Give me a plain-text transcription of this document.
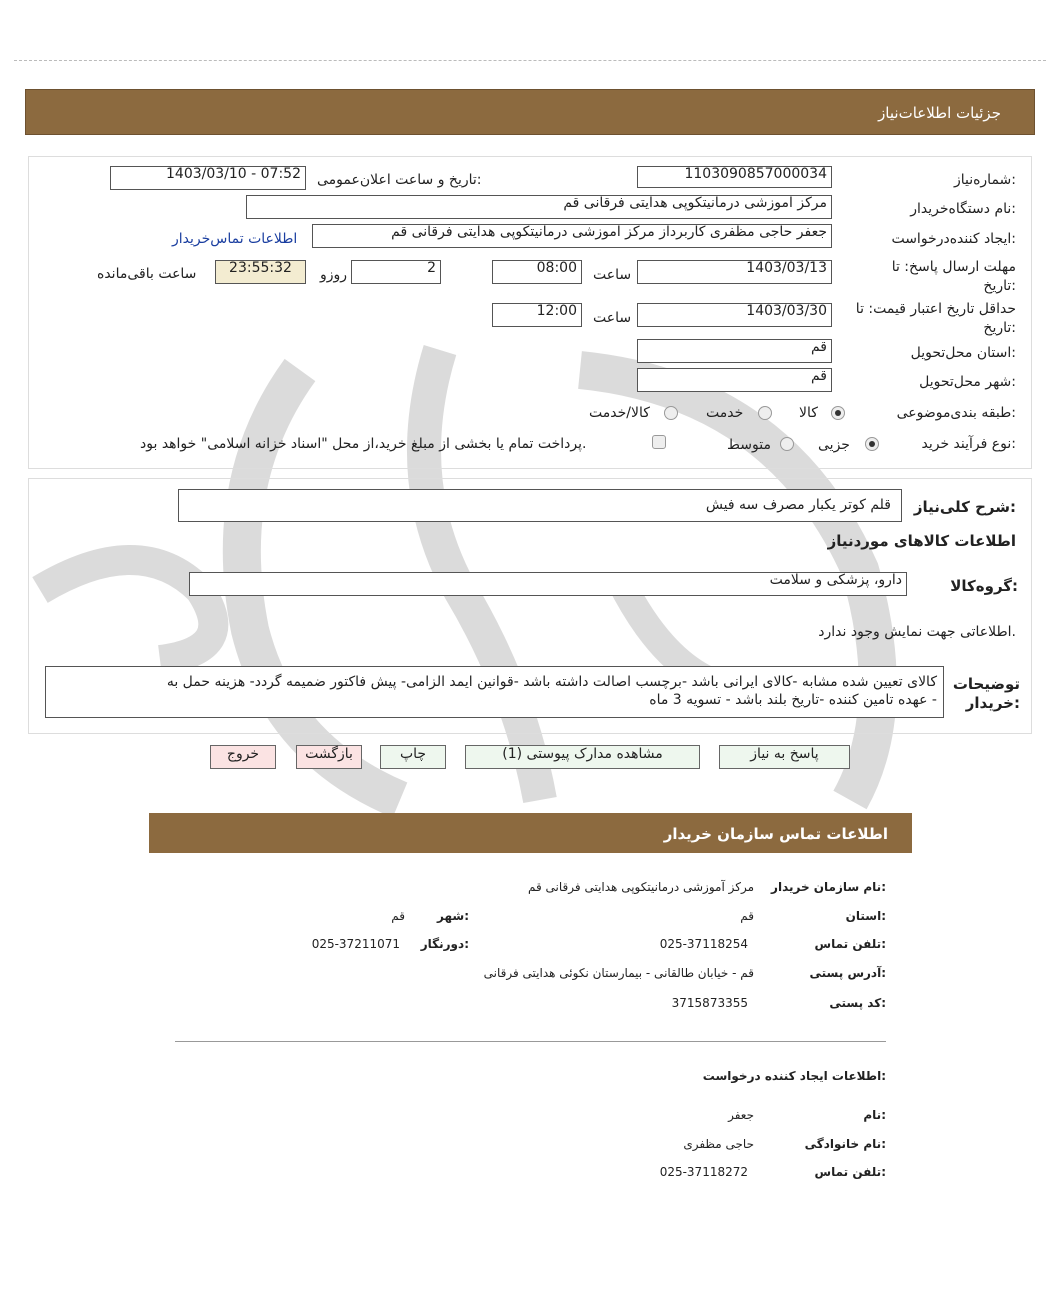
جزئیات اطلاعات‌نیاز
شماره‌نیاز:
1103090857000034
تاریخ و ساعت اعلان‌عمومی:
1403/03/10 - 07:52
نام دستگاه‌خریدار:
مرکز اموزشی درمانیتکوپی هدایتی فرقانی قم
ایجاد کننده‌درخواست:
جعفر حاجی مظفری کاربرداز مرکز اموزشی درمانیتکوپی هدایتی فرقانی قم
اطلاعات تماس‌خریدار
مهلت ارسال پاسخ: تا تاریخ:
1403/03/13
ساعت
08:00
2
روزو
23:55:32
ساعت باقی‌مانده
حداقل تاریخ اعتبار قیمت: تا تاریخ:
1403/03/30
ساعت
12:00
استان محل‌تحویل:
قم
شهر محل‌تحویل:
قم
طبقه بندی‌موضوعی:
کالا
خدمت
کالا/خدمت
نوع فرآیند خرید:
جزیی
متوسط
پرداخت تمام یا بخشی از مبلغ خرید،از محل "اسناد خزانه اسلامی" خواهد بود.
شرح کلی‌نیاز:
قلم کوتر یکبار مصرف سه فیش
اطلاعات کالاهای موردنیاز
گروه‌کالا:
دارو، پزشکی و سلامت
اطلاعاتی جهت نمایش وجود ندارد.
توضیحات خریدار:
کالای تعیین شده مشابه -کالای ایرانی باشد -برچسب اصالت داشته باشد -قوانین ایمد الزامی- پیش فاکتور ضمیمه گردد- هزینه حمل به
عهده تامین کننده -تاریخ بلند باشد - تسویه 3 ماه -
پاسخ به نیاز
مشاهده مدارک پیوستی (1)
چاپ
بازگشت
خروج
اطلاعات تماس سازمان خریدار
نام سازمان خریدار:
مرکز آموزشی درمانیتکوپی هدایتی فرقانی قم
استان:
قم
شهر:
قم
تلفن تماس:
025-37118254
دورنگار:
025-37211071
آدرس پستی:
قم - خیابان طالقانی - بیمارستان نکوئی هدایتی فرقانی
کد پستی:
3715873355
اطلاعات ایجاد کننده درخواست:
نام:
جعفر
نام خانوادگی:
حاجی مظفری
تلفن تماس:
025-37118272
